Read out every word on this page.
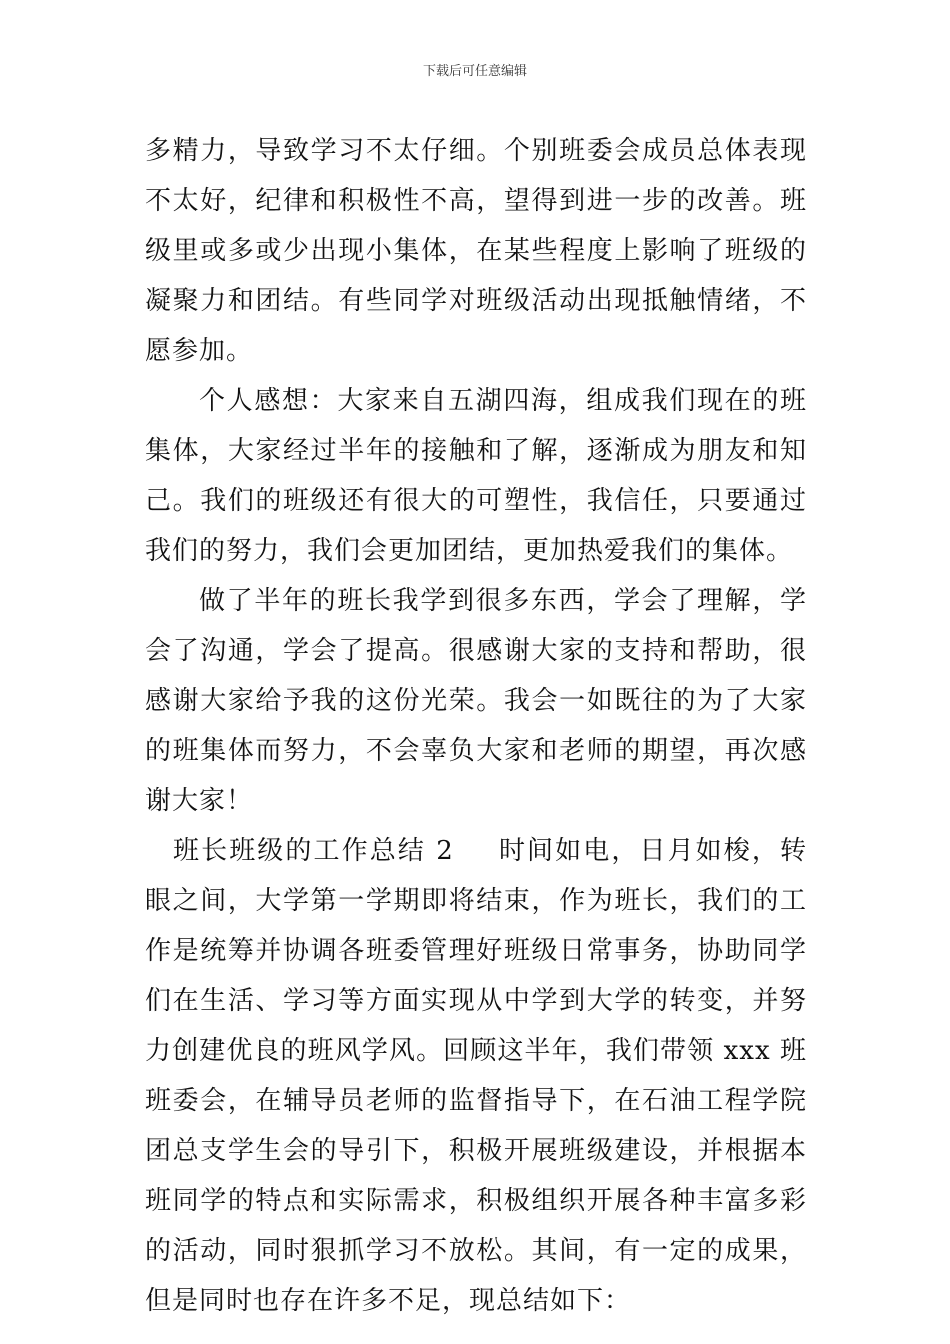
下载后可任意编辑

多精力，导致学习不太仔细。个别班委会成员总体表现不太好，纪律和积极性不高，望得到进一步的改善。班级里或多或少出现小集体，在某些程度上影响了班级的凝聚力和团结。有些同学对班级活动出现抵触情绪，不愿参加。

个人感想：大家来自五湖四海，组成我们现在的班集体，大家经过半年的接触和了解，逐渐成为朋友和知己。我们的班级还有很大的可塑性，我信任，只要通过我们的努力，我们会更加团结，更加热爱我们的集体。

做了半年的班长我学到很多东西，学会了理解，学会了沟通，学会了提高。很感谢大家的支持和帮助，很感谢大家给予我的这份光荣。我会一如既往的为了大家的班集体而努力，不会辜负大家和老师的期望，再次感谢大家！

班长班级的工作总结 2 时间如电，日月如梭，转眼之间，大学第一学期即将结束，作为班长，我们的工作是统筹并协调各班委管理好班级日常事务，协助同学们在生活、学习等方面实现从中学到大学的转变，并努力创建优良的班风学风。回顾这半年，我们带领 xxx 班班委会，在辅导员老师的监督指导下，在石油工程学院团总支学生会的导引下，积极开展班级建设，并根据本班同学的特点和实际需求，积极组织开展各种丰富多彩的活动，同时狠抓学习不放松。其间，有一定的成果，但是同时也存在许多不足，现总结如下：
